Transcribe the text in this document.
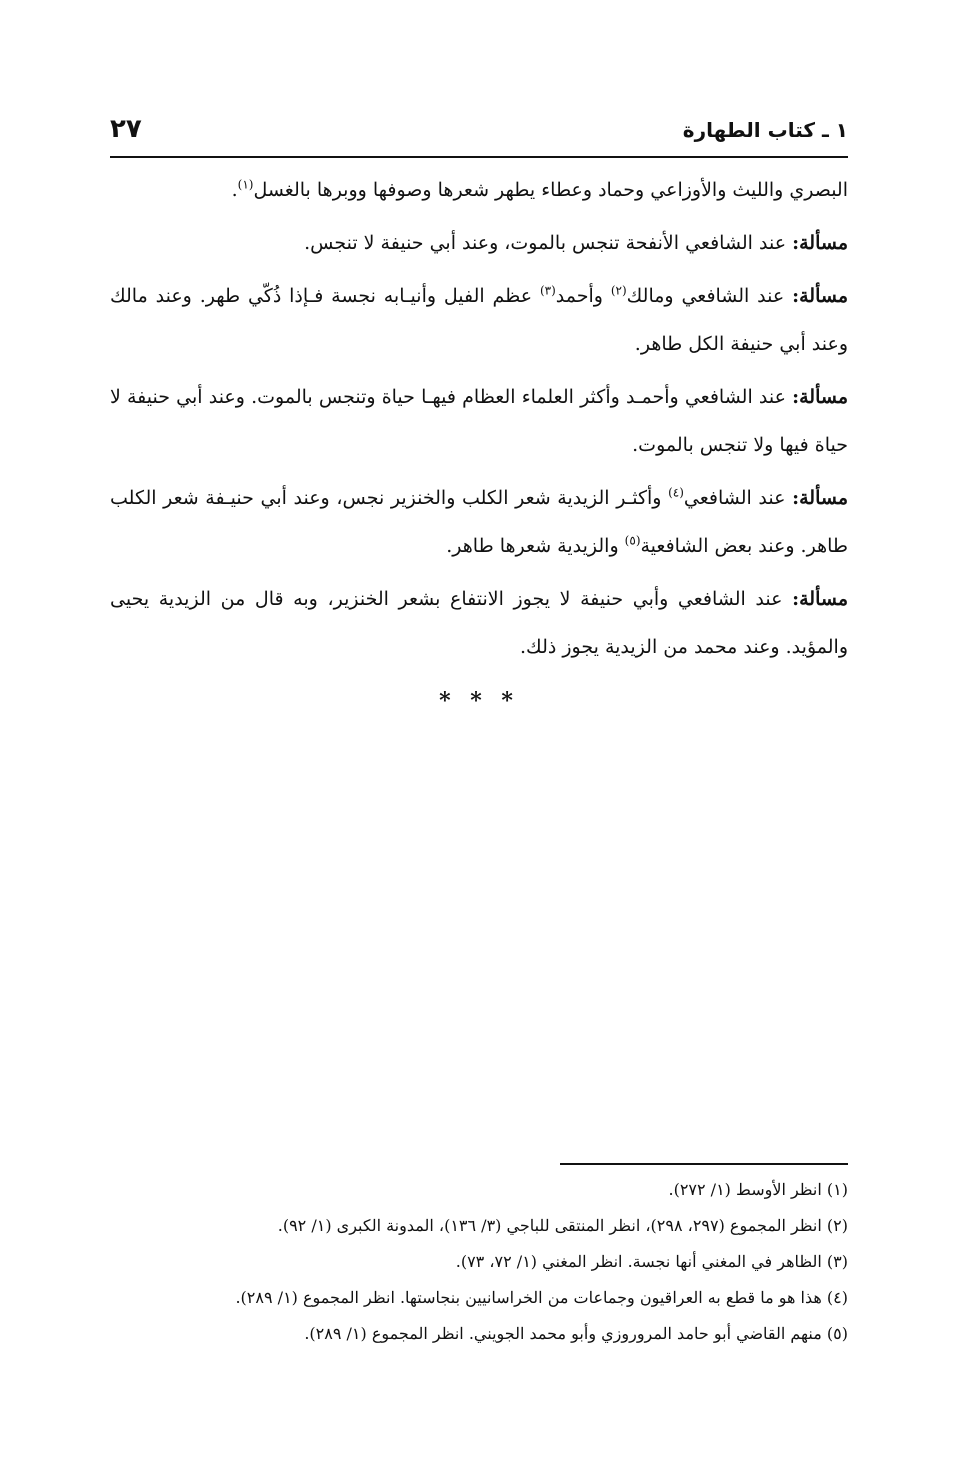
١ ـ كتاب الطهارة
٢٧

البصري والليث والأوزاعي وحماد وعطاء يطهر شعرها وصوفها ووبرها بالغسل$^{(١)}$.

مسألة: عند الشافعي الأنفحة تنجس بالموت، وعند أبي حنيفة لا تنجس.

مسألة: عند الشافعي ومالك$^{(٢)}$ وأحمد$^{(٣)}$ عظم الفيل وأنيـابه نجسة فـإذا ذُكّي طهر. وعند مالك وعند أبي حنيفة الكل طاهر.

مسألة: عند الشافعي وأحمـد وأكثر العلماء العظام فيهـا حياة وتنجس بالموت. وعند أبي حنيفة لا حياة فيها ولا تنجس بالموت.

مسألة: عند الشافعي$^{(٤)}$ وأكثـر الزيدية شعر الكلب والخنزير نجس، وعند أبي حنيـفة شعر الكلب طاهر. وعند بعض الشافعية$^{(٥)}$ والزيدية شعرها طاهر.

مسألة: عند الشافعي وأبي حنيفة لا يجوز الانتفاع بشعر الخنزير، وبه قال من الزيدية يحيى والمؤيد. وعند محمد من الزيدية يجوز ذلك.

* * *

(١) انظر الأوسط (١/ ٢٧٢).

(٢) انظر المجموع (٢٩٧، ٢٩٨)، انظر المنتقى للباجي (٣/ ١٣٦)، المدونة الكبرى (١/ ٩٢).

(٣) الظاهر في المغني أنها نجسة. انظر المغني (١/ ٧٢، ٧٣).

(٤) هذا هو ما قطع به العراقيون وجماعات من الخراسانيين بنجاستها. انظر المجموع (١/ ٢٨٩).

(٥) منهم القاضي أبو حامد المروروزي وأبو محمد الجويني. انظر المجموع (١/ ٢٨٩).
